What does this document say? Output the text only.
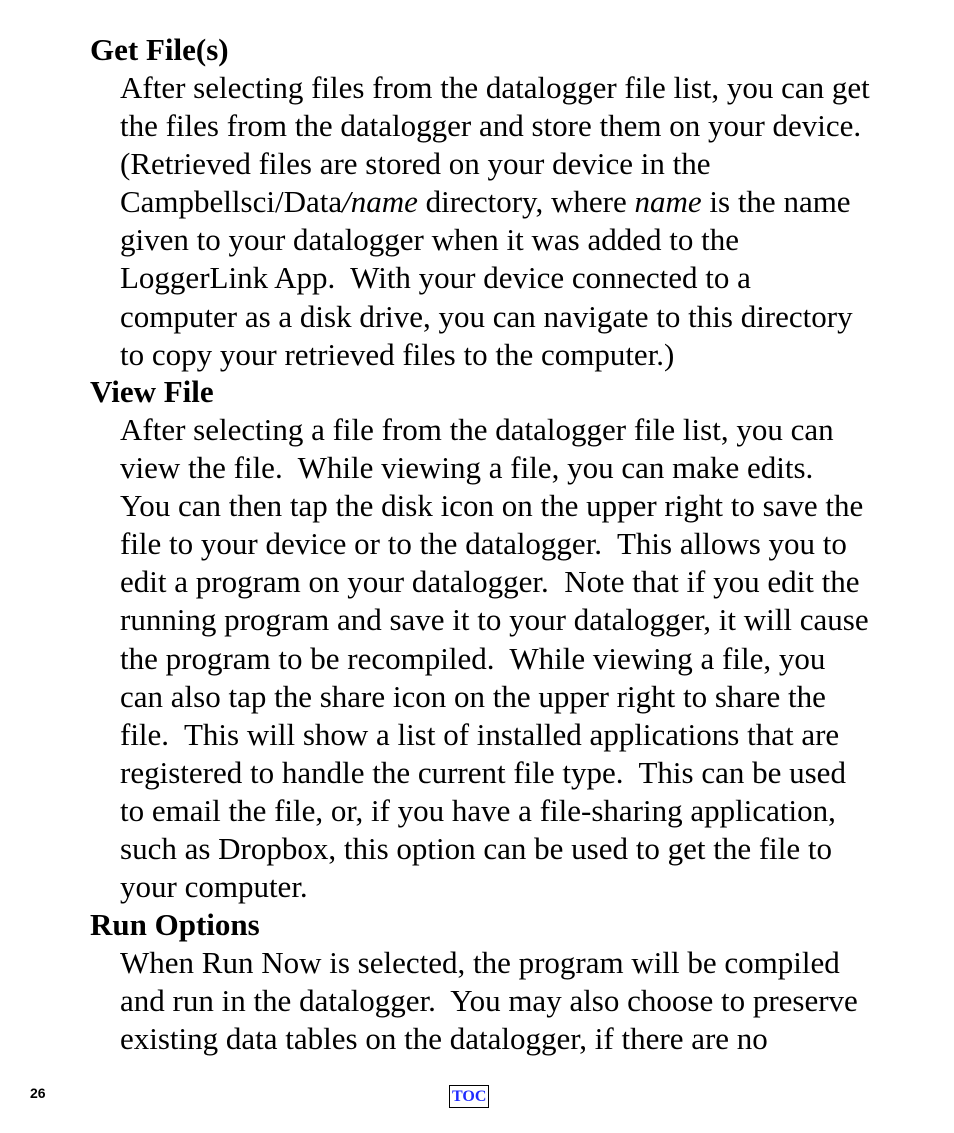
Get File(s)
After selecting files from the datalogger file list, you can get
the files from the datalogger and store them on your device.
(Retrieved files are stored on your device in the
Campbellsci/Data/name directory, where name is the name
given to your datalogger when it was added to the
LoggerLink App.  With your device connected to a
computer as a disk drive, you can navigate to this directory
to copy your retrieved files to the computer.)
View File
After selecting a file from the datalogger file list, you can
view the file.  While viewing a file, you can make edits.
You can then tap the disk icon on the upper right to save the
file to your device or to the datalogger.  This allows you to
edit a program on your datalogger.  Note that if you edit the
running program and save it to your datalogger, it will cause
the program to be recompiled.  While viewing a file, you
can also tap the share icon on the upper right to share the
file.  This will show a list of installed applications that are
registered to handle the current file type.  This can be used
to email the file, or, if you have a file-sharing application,
such as Dropbox, this option can be used to get the file to
your computer.
Run Options
When Run Now is selected, the program will be compiled
and run in the datalogger.  You may also choose to preserve
existing data tables on the datalogger, if there are no
26	TOC
